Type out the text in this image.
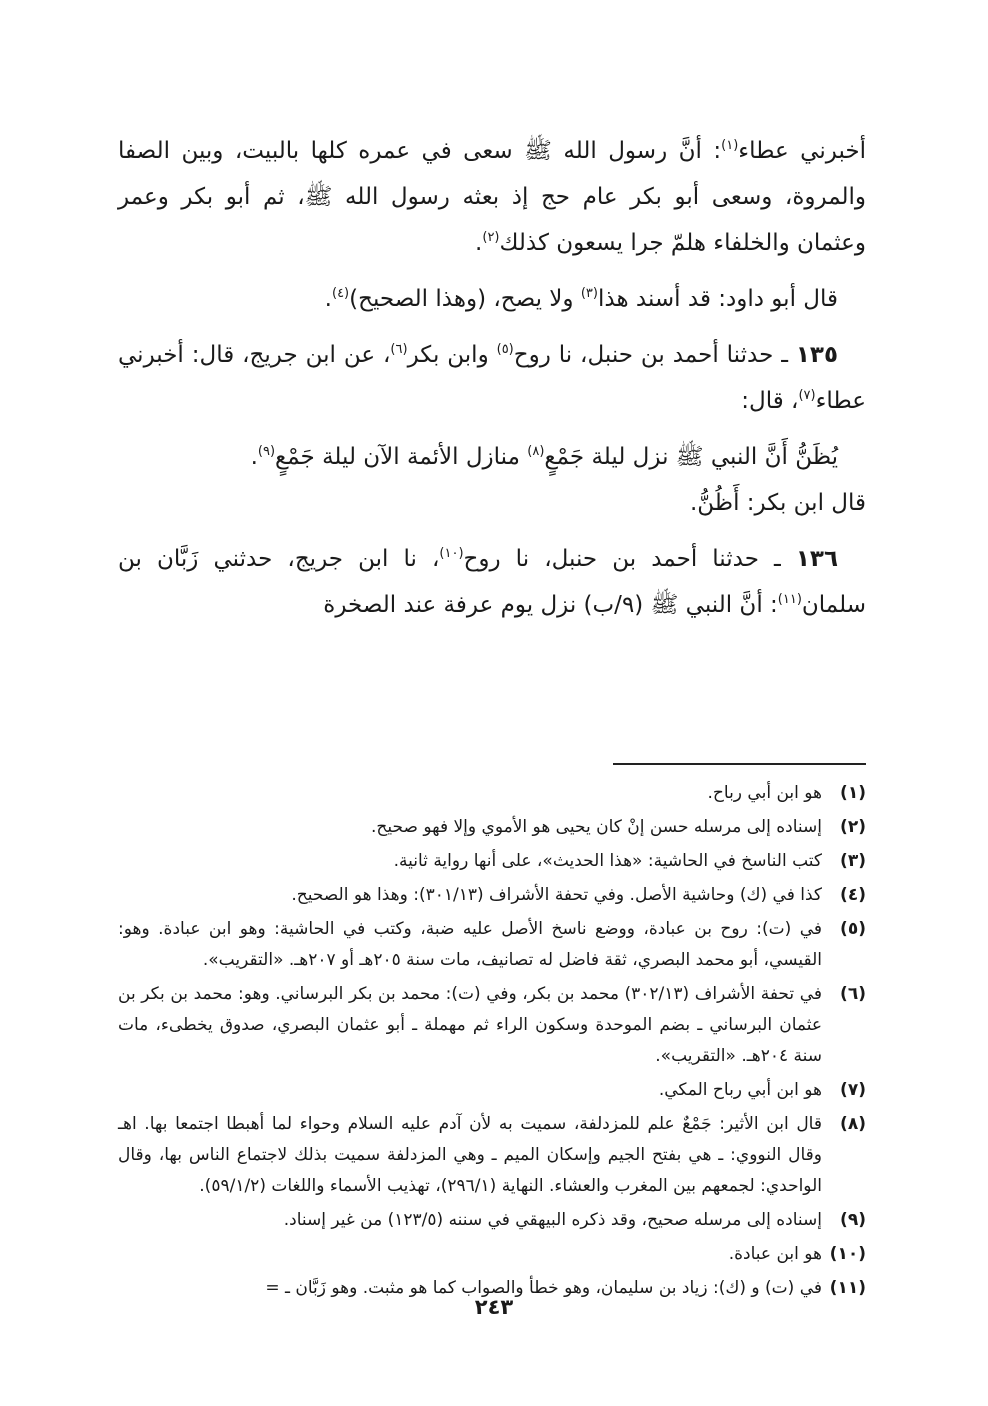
أخبرني عطاء$^{(١)}$: أنَّ رسول الله ﷺ سعى في عمره كلها بالبيت، وبين الصفا والمروة، وسعى أبو بكر عام حج إذ بعثه رسول الله ﷺ، ثم أبو بكر وعمر وعثمان والخلفاء هلمّ جرا يسعون كذلك$^{(٢)}$.

قال أبو داود: قد أسند هذا$^{(٣)}$ ولا يصح، (وهذا الصحيح)$^{(٤)}$.

١٣٥ ـ حدثنا أحمد بن حنبل، نا روح$^{(٥)}$ وابن بكر$^{(٦)}$، عن ابن جريج، قال: أخبرني عطاء$^{(٧)}$، قال:

يُظَنُّ أَنَّ النبي ﷺ نزل ليلة جَمْعٍ$^{(٨)}$ منازل الأئمة الآن ليلة جَمْعٍ$^{(٩)}$.

قال ابن بكر: أَظُنُّ.

١٣٦ ـ حدثنا أحمد بن حنبل، نا روح$^{(١٠)}$، نا ابن جريج، حدثني زَبَّان بن سلمان$^{(١١)}$: أنَّ النبي ﷺ (٩/ب) نزل يوم عرفة عند الصخرة

(١)
هو ابن أبي رباح.
(٢)
إسناده إلى مرسله حسن إنْ كان يحيى هو الأموي وإلا فهو صحيح.
(٣)
كتب الناسخ في الحاشية: «هذا الحديث»، على أنها رواية ثانية.
(٤)
كذا في (ك) وحاشية الأصل. وفي تحفة الأشراف (٣٠١/١٣): وهذا هو الصحيح.
(٥)
في (ت): روح بن عبادة، ووضع ناسخ الأصل عليه ضبة، وكتب في الحاشية: وهو ابن عبادة. وهو: القيسي، أبو محمد البصري، ثقة فاضل له تصانيف، مات سنة ٢٠٥هـ أو ٢٠٧هـ. «التقريب».
(٦)
في تحفة الأشراف (٣٠٢/١٣) محمد بن بكر، وفي (ت): محمد بن بكر البرساني. وهو: محمد بن بكر بن عثمان البرساني ـ بضم الموحدة وسكون الراء ثم مهملة ـ أبو عثمان البصري، صدوق يخطىء، مات سنة ٢٠٤هـ. «التقريب».
(٧)
هو ابن أبي رباح المكي.
(٨)
قال ابن الأثير: جَمْعٌ علم للمزدلفة، سميت به لأن آدم عليه السلام وحواء لما أهبطا اجتمعا بها. اهـ وقال النووي: ـ هي بفتح الجيم وإسكان الميم ـ وهي المزدلفة سميت بذلك لاجتماع الناس بها، وقال الواحدي: لجمعهم بين المغرب والعشاء. النهاية (٢٩٦/١)، تهذيب الأسماء واللغات (٥٩/١/٢).
(٩)
إسناده إلى مرسله صحيح، وقد ذكره البيهقي في سننه (١٢٣/٥) من غير إسناد.
(١٠)
هو ابن عبادة.
(١١)
في (ت) و (ك): زياد بن سليمان، وهو خطأ والصواب كما هو مثبت. وهو زَبَّان ـ =
٢٤٣
